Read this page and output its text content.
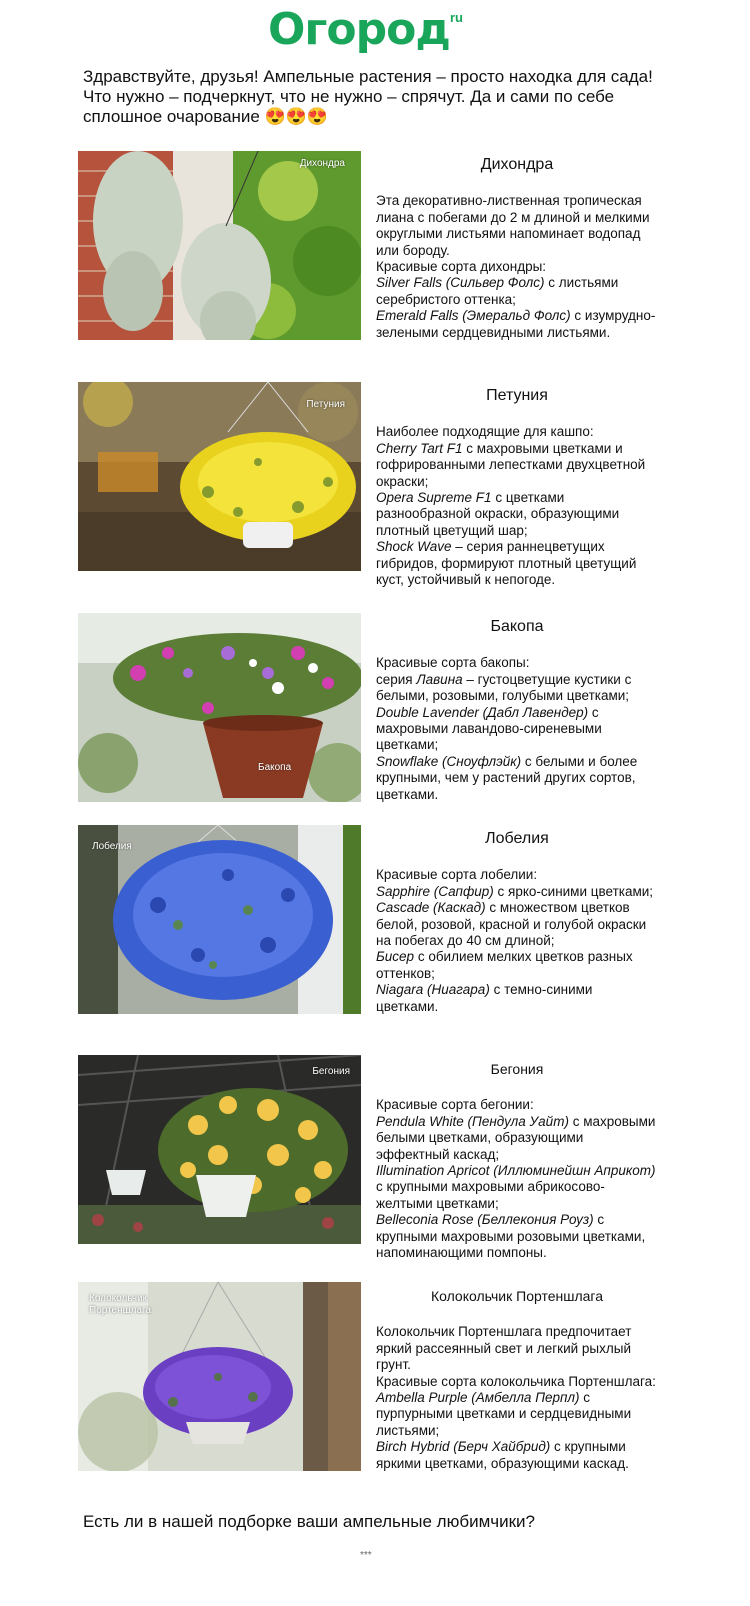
Огород ru
Здравствуйте, друзья! Ампельные растения – просто находка для сада! Что нужно – подчеркнут, что не нужно – спрячут. Да и сами по себе сплошное очарование 😍😍😍
Дихондра	Дихондра

Эта декоративно-лиственная тропическая лиана с побегами до 2 м длиной и мелкими округлыми листьями напоминает водопад или бороду.

Красивые сорта дихондры:

Silver Falls (Сильвер Фолс) с листьями серебристого оттенка;

Emerald Falls (Эмеральд Фолс) с изумрудно-зелеными сердцевидными листьями.

Петуния
Петуния

Наиболее подходящие для кашпо:

Cherry Tart F1 с махровыми цветками и гофрированными лепестками двухцветной окраски;

Opera Supreme F1 с цветками разнообразной окраски, образующими плотный цветущий шар;

Shock Wave – серия раннецветущих гибридов, формируют плотный цветущий куст, устойчивый к непогоде.

Бакопа
Бакопа

Красивые сорта бакопы:

серия Лавина – густоцветущие кустики с белыми, розовыми, голубыми цветками;

Double Lavender (Дабл Лавендер) с махровыми лавандово-сиреневыми цветками;

Snowflake (Сноуфлэйк) с белыми и более крупными, чем у растений других сортов, цветками.

Лобелия	Лобелия

Красивые сорта лобелии:

Sapphire (Сапфир) с ярко-синими цветками;

Cascade (Каскад) с множеством цветков белой, розовой, красной и голубой окраски на побегах до 40 см длиной;

Бисер с обилием мелких цветков разных оттенков;

Niagara (Ниагара) с темно-синими цветками.

Бегония	Бегония

Красивые сорта бегонии:

Pendula White (Пендула Уайт) с махровыми белыми цветками, образующими эффектный каскад;

Illumination Apricot (Иллюминейшн Априкот) с крупными махровыми абрикосово-желтыми цветками;

Belleconia Rose (Беллекония Роуз) с крупными махровыми розовыми цветками, напоминающими помпоны.

Колокольчик Портеншлага
Колокольчик Портеншлага

Колокольчик Портеншлага предпочитает яркий рассеянный свет и легкий рыхлый грунт.

Красивые сорта колокольчика Портеншлага:

Ambella Purple (Амбелла Перпл) с пурпурными цветками и сердцевидными листьями;

Birch Hybrid (Берч Хайбрид) с крупными яркими цветками, образующими каскад.

Есть ли в нашей подборке ваши ампельные любимчики?
***
